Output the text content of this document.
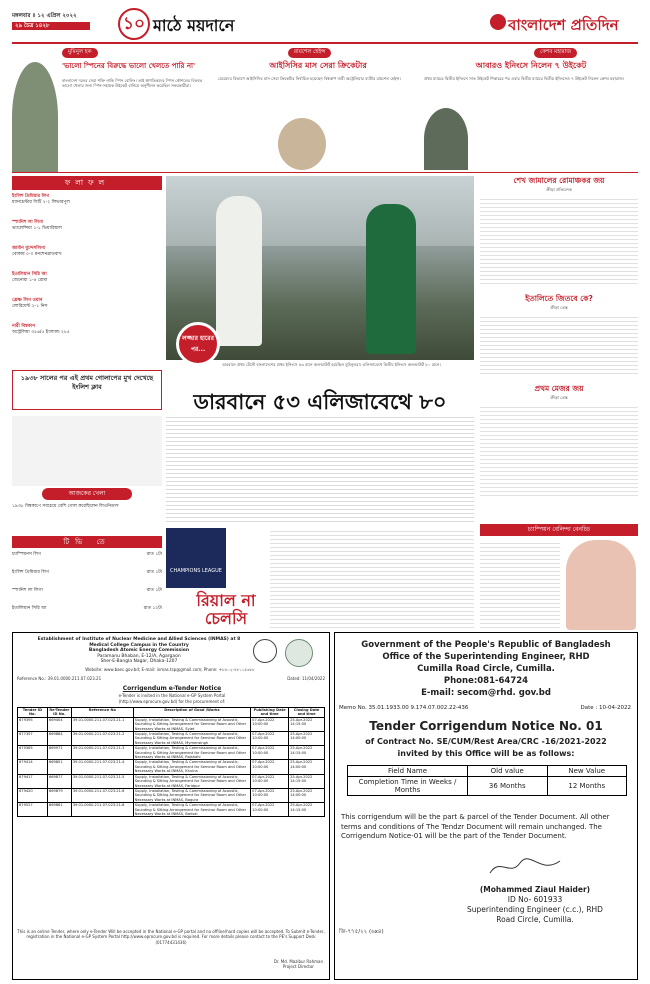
মঙ্গলবার ॥ ১২ এপ্রিল ২০২২
২৯ চৈত্র ১৪২৮	১০ মাঠে ময়দানে	বাংলাদেশ প্রতিদিন
মুমিনুল হক
'ভালো স্পিনের বিরুদ্ধে ভালো খেলতে পারি না'
বাংলাদেশ দলের সেরা শক্তি নাকি স্পিন বোলিং। তাই স্বাগতিকদের স্পিন কৌশলের বিরুদ্ধে ভালো খেলার জন্য স্পিন-সহায়ক উইকেট বানিয়ে অনুশীলন করেছিল সফরকারীরা।
রায়শেল হেইন্স
আইসিসির মাস সেরা ক্রিকেটার
মেয়েদের বিভাগে আইসিসির মাস সেরা ক্রিকেটার নির্বাচিত হয়েছেন বিশ্বকাপ জয়ী অস্ট্রেলিয়ার ব্যাটার রায়শেল হেইন্স।
কেশব মহারাজ
আবারও ইনিংসে নিলেন ৭ উইকেট
প্রথম ম্যাচের দ্বিতীয় ইনিংসে সাত উইকেট শিকারের পর এবার দ্বিতীয় ম্যাচের দ্বিতীয় ইনিংসেও ৭ উইকেট নিলেন কেশব মহারাজ।
ফলাফল
ইংলিশ প্রিমিয়ার লিগ
ম্যানচেস্টার সিটি ২-২ লিভারপুল
স্প্যানিশ লা লিগা
ভ্যালেন্সিয়া ১-১ ভিয়ারিয়াল
জার্মান বুন্দেসলিগা
বোকাম ০-০ মনশেনগ্লাডবাখ
ইতালিয়ান সিরি আ
জেনোয়া ১-৪ রোমা
ফ্রেঞ্চ লিগ ওয়ান
লোরিয়েন্ট ২-১ নিস
নারী বিশ্বকাপ
অস্ট্রেলিয়া ৩৫৬/৫ ইংল্যান্ড ২৮৫
১৯৩৮ সালের পর এই প্রথম গোলাপের মুখ দেখেছে ইংলিশ ক্লাব
আজকের খেলা
১৯৩৮ বিশ্বকাপে সবচেয়ে বেশি গোল করেছিলেন লিওনিডাস
টিভি তে
চ্যাম্পিয়নস লিগ	রাত ১টা
ইংলিশ প্রিমিয়ার লিগ	রাত ১টা
স্প্যানিশ লা লিগা	রাত ১টা
ইতালিয়ান সিরি আ	রাত ১২টা
লজ্জার হারের পর...
ডারবানে প্রথম টেস্টে বাংলাদেশের প্রথম ইনিংসে ৫৩ রানে অলআউট হয়েছিল মুমিনুলরা। এলিজাবেথে দ্বিতীয় ইনিংসে অলআউট ৮০ রানে।
ডারবানে ৫৩ এলিজাবেথে ৮০
CHAMPIONS LEAGUE
রিয়াল না চেলসি
শেখ জামালের রোমাঞ্চকর জয়
ক্রীড়া প্রতিবেদক
ইতালিতে জিতবে কে?
ক্রীড়া ডেস্ক
প্রথম মেজর জয়
ক্রীড়া ডেস্ক
চ্যাম্পিয়ন বেলিন্দা বেনচিচ
Establishment of Institute of Nuclear Medicine and Allied Sciences (INMAS) at 8 Medical College Campus in the Country
Bangladesh Atomic Energy Commission
Paramanu Bhaban, E-12/A, Agargaon
Sher-E-Bangla Nagar, Dhaka-1207
Website: www.baec.gov.bd; E-mail: inmas.tsp@gmail.com; Phone: +৮৮০২-৪৮১১৫৩৮৮
Reference No.: 39.01.0000.211.07.023.21	Dated: 11/04/2022
Corrigendum e-Tender Notice
e-Tender is invited in the National e-GP System Portal
(http://www.eprocure.gov.bd) for the procurement of:
Tender ID No.	Re-Tender ID No.	Reference No	Description of Good /Works	Publishing Date and time	Closing Date and time
679395	669404	39.01.0000.211.07.023.21-1	Supply, Installation, Testing & Commissioning of Acoustic, Sounding & Sitting Arrangement for Seminar Room and Other Necessary Works at INMAS, Sylet	07-Apr-2022 10:00:00	25-Apr-2022 14:15:00
677357	669884	39.01.0000.211.07.023.21-2	Supply, Installation, Testing & Commissioning of Acoustic, Sounding & Sitting Arrangement for Seminar Room and Other Necessary Works at INMAS, Mymensingh	07-Apr-2022 10:00:00	25-Apr-2022 14:00:00
679365	669971	39.01.0000.211.07.023.21-3	Supply, Installation, Testing & Commissioning of Acoustic, Sounding & Sitting Arrangement for Seminar Room and Other Necessary Works at INMAS, Rajshahi	07-Apr-2022 10:00:00	25-Apr-2022 14:15:00
679414	669801	39.01.0000.211.07.023.21-4	Supply, Installation, Testing & Commissioning of Acoustic, Sounding & Sitting Arrangement for Seminar Room and Other Necessary Works at INMAS, Khulna	07-Apr-2022 10:00:00	25-Apr-2022 14:00:00
679417	669877	39.01.0000.211.07.023.21-5	Supply, Installation, Testing & Commissioning of Acoustic, Sounding & Sitting Arrangement for Seminar Room and Other Necessary Works at INMAS, Faridpur	07-Apr-2022 10:00:00	25-Apr-2022 14:15:00
679420	669879	39.01.0000.211.07.023.21-6	Supply, Installation, Testing & Commissioning of Acoustic, Sounding & Sitting Arrangement for Seminar Room and Other Necessary Works at INMAS, Bogura	07-Apr-2022 10:00:00	25-Apr-2022 14:00:00
679527	669861	39.01.0000.211.07.023.21-8	Supply, Installation, Testing & Commissioning of Acoustic, Sounding & Sitting Arrangement for Seminar Room and Other Necessary Works at INMAS, Barisal	07-Apr-2022 10:00:00	25-Apr-2022 14:15:00
This is an online Tender, where only e-Tender Will be accepted in the National e-GP portal and no offline/hard copies will be accepted. To Submit e-Tender, registration in the National e-GP System Portal http://www.eprocure.gov.bd is required. For more details please contact to the PE's Support Desk (01774431436)
Dr. Md. Mazibur Rahman
Project Director
Government of the People's Republic of Bangladesh
Office of the Superintending Engineer, RHD
Cumilla Road Circle, Cumilla.
Phone:081-64724
E-mail: secom@rhd. gov.bd
Memo No. 35.01.1933.00 9.174.07.002.22-436	Date : 10-04-2022
Tender Corrigendum Notice No. 01
of Contract No. SE/CUM/Rest Area/CRC -16/2021-2022
invited by this Office will be as follows:
Field Name	Old value	New Value
Completion Time in Weeks / Months	36 Months	12 Months
This corrigendum will be the part & parcel of the Tender Document. All other terms and conditions of The Tendzr Document will remain unchanged. The Corrigendum Notice-01 will be the part of the Tender Document.
(Mohammed Ziaul Haider)
ID No- 601933
Superintending Engineer (c.c.), RHD
Road Circle, Cumilla.
জি-৭৭৫/২২ (৬x৪)
